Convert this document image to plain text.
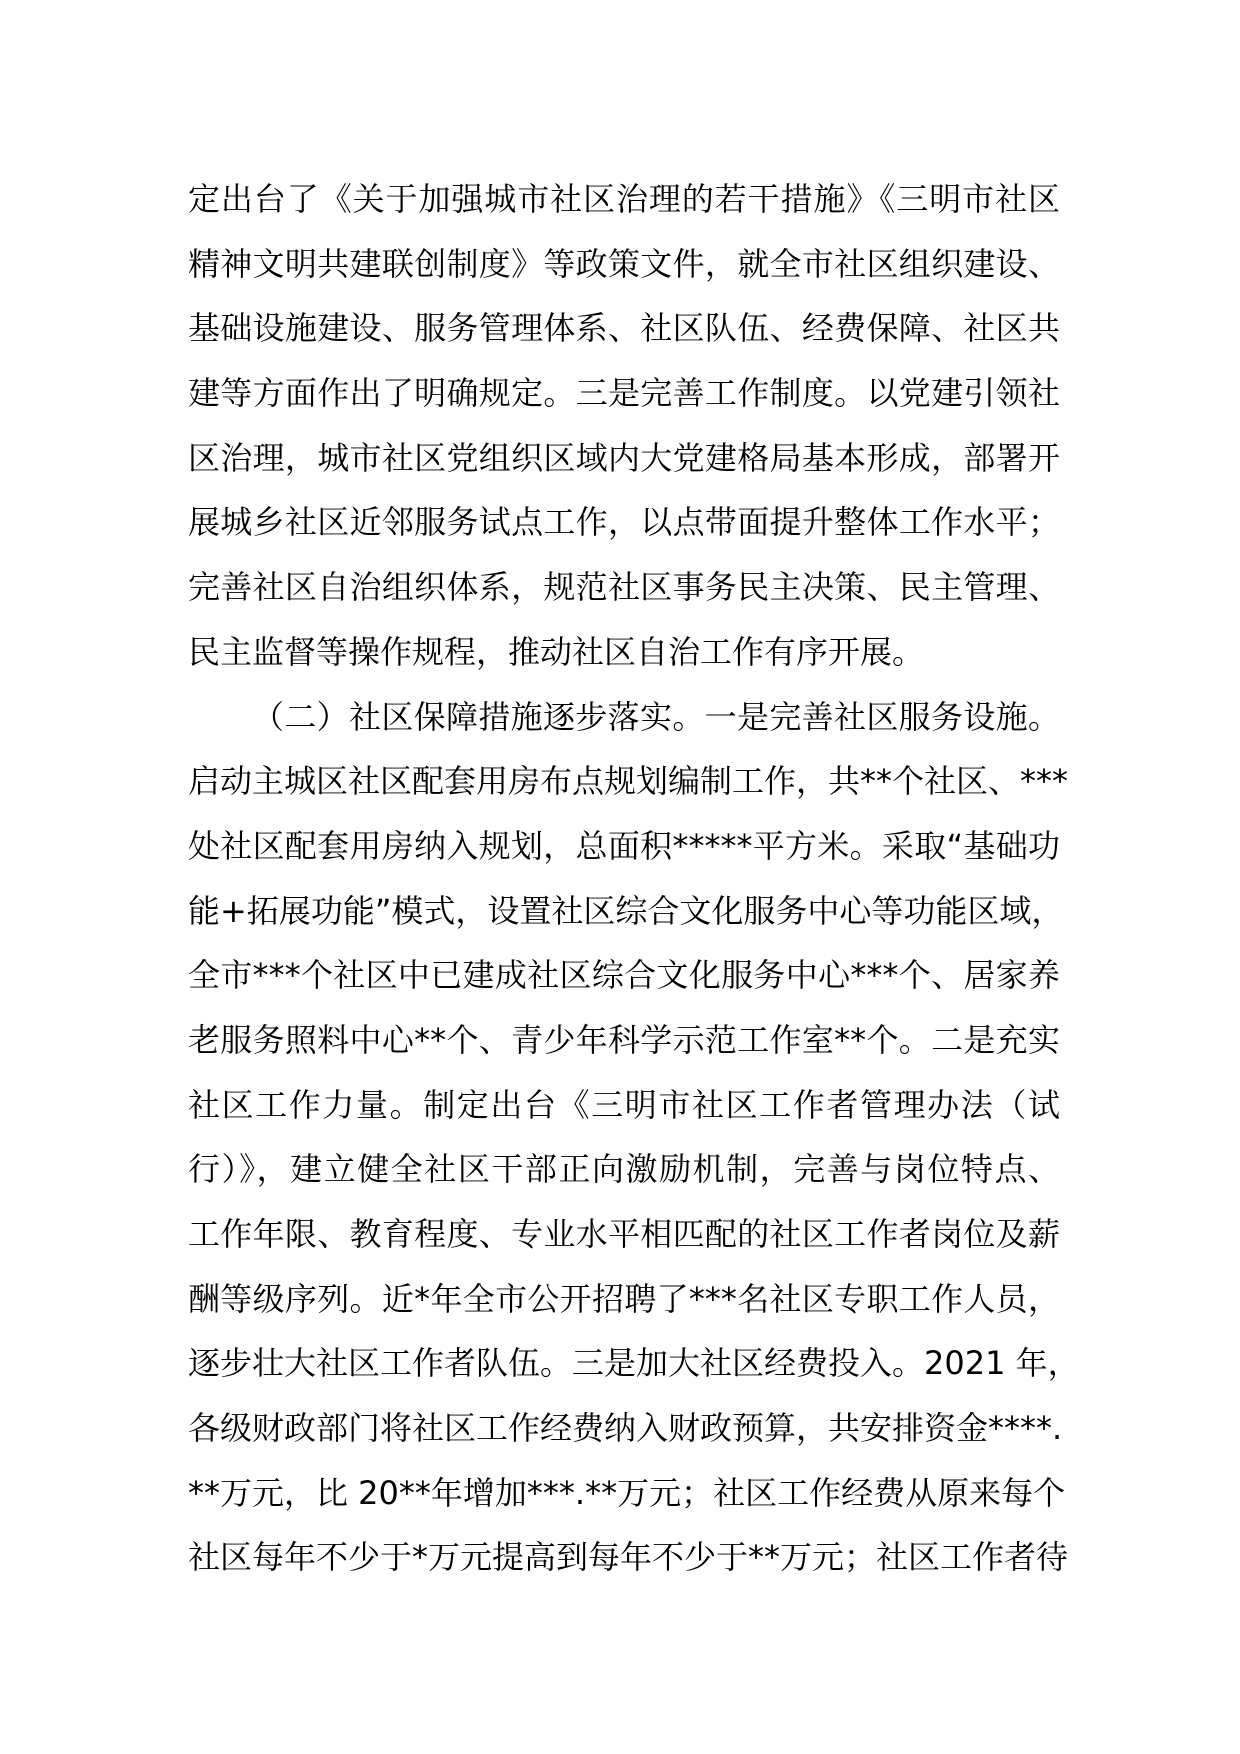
定出台了《关于加强城市社区治理的若干措施》《三明市社区
精神文明共建联创制度》等政策文件，就全市社区组织建设、
基础设施建设、服务管理体系、社区队伍、经费保障、社区共
建等方面作出了明确规定。三是完善工作制度。以党建引领社
区治理，城市社区党组织区域内大党建格局基本形成，部署开
展城乡社区近邻服务试点工作，以点带面提升整体工作水平；
完善社区自治组织体系，规范社区事务民主决策、民主管理、
民主监督等操作规程，推动社区自治工作有序开展。
（二）社区保障措施逐步落实。一是完善社区服务设施。
启动主城区社区配套用房布点规划编制工作，共**个社区、***
处社区配套用房纳入规划，总面积*****平方米。采取“基础功
能+拓展功能”模式，设置社区综合文化服务中心等功能区域，
全市***个社区中已建成社区综合文化服务中心***个、居家养
老服务照料中心**个、青少年科学示范工作室**个。二是充实
社区工作力量。制定出台《三明市社区工作者管理办法（试
行）》，建立健全社区干部正向激励机制，完善与岗位特点、
工作年限、教育程度、专业水平相匹配的社区工作者岗位及薪
酬等级序列。近*年全市公开招聘了***名社区专职工作人员，
逐步壮大社区工作者队伍。三是加大社区经费投入。2021 年，
各级财政部门将社区工作经费纳入财政预算，共安排资金****.
**万元，比 20**年增加***.**万元；社区工作经费从原来每个
社区每年不少于*万元提高到每年不少于**万元；社区工作者待
